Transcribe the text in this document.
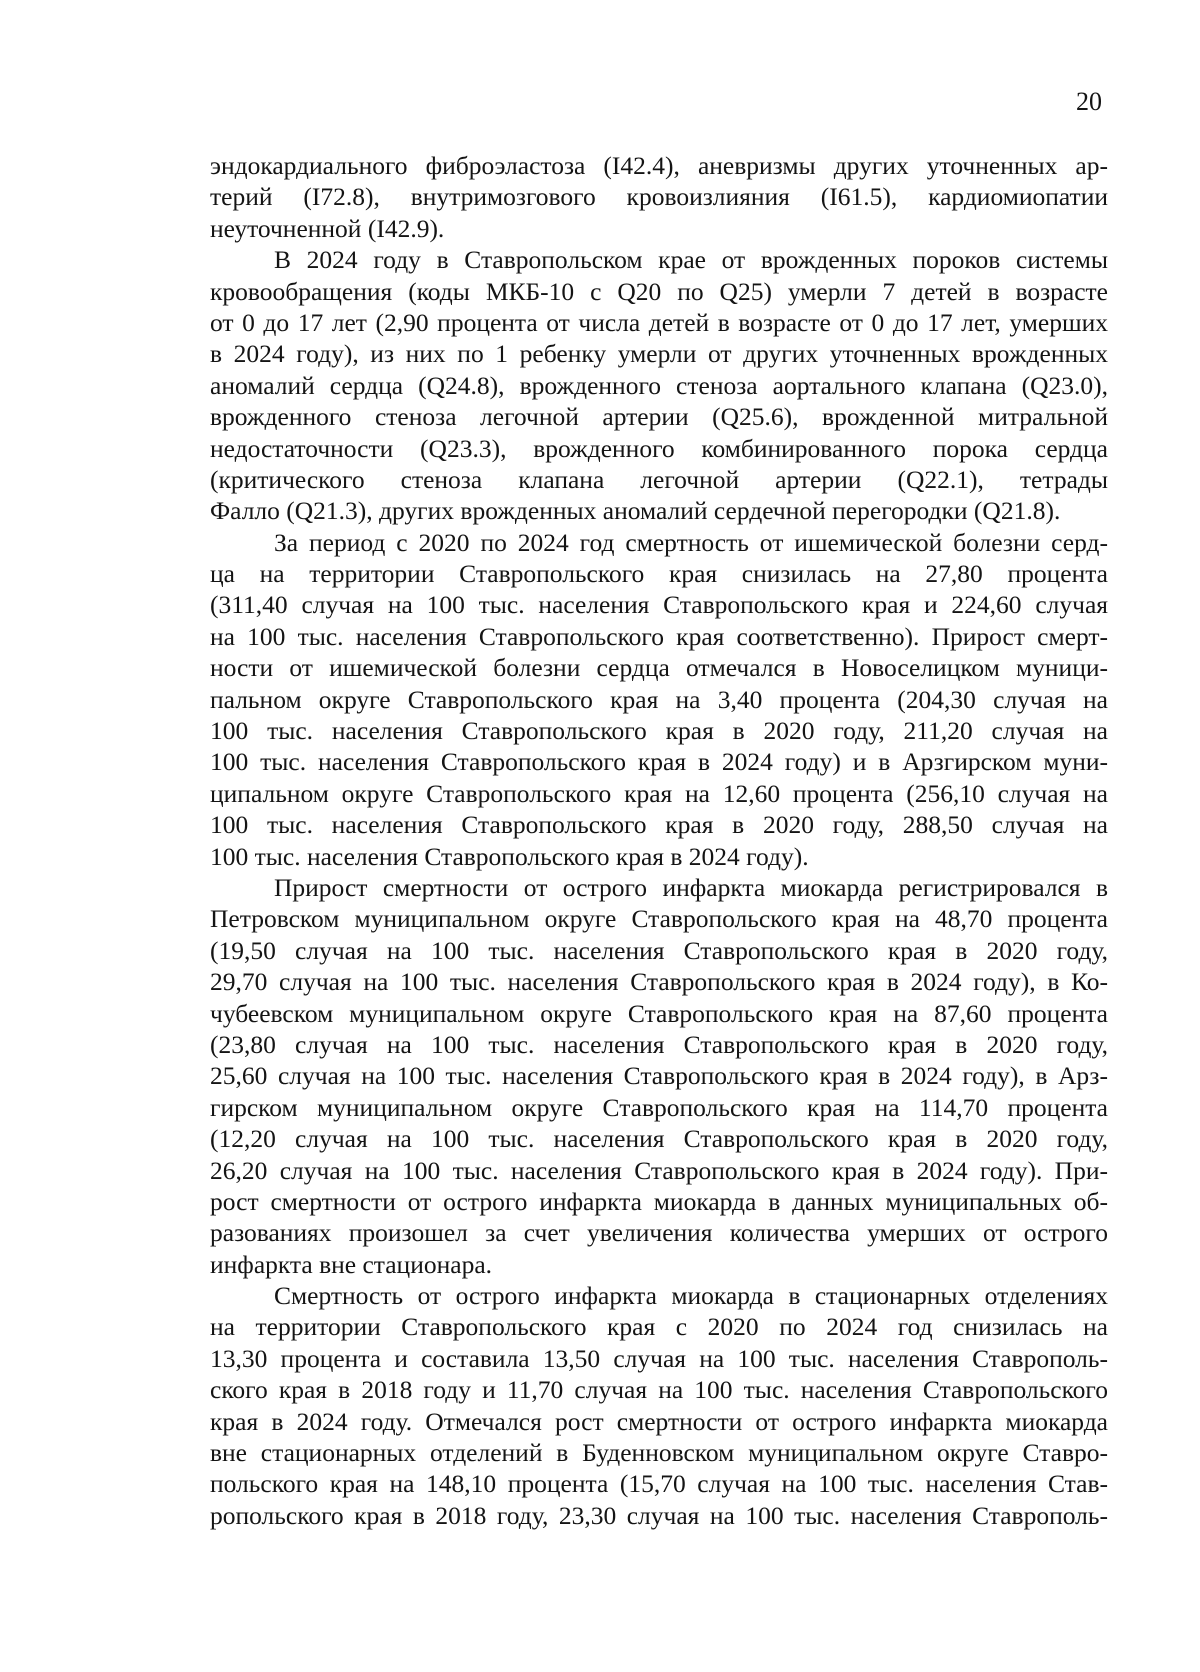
20
эндокардиального фиброэластоза (I42.4), аневризмы других уточненных ар-
терий (I72.8), внутримозгового кровоизлияния (I61.5), кардиомиопатии
неуточненной (I42.9).
В 2024 году в Ставропольском крае от врожденных пороков системы
кровообращения (коды МКБ-10 с Q20 по Q25) умерли 7 детей в возрасте
от 0 до 17 лет (2,90 процента от числа детей в возрасте от 0 до 17 лет, умерших
в 2024 году), из них по 1 ребенку умерли от других уточненных врожденных
аномалий сердца (Q24.8), врожденного стеноза аортального клапана (Q23.0),
врожденного стеноза легочной артерии (Q25.6), врожденной митральной
недостаточности (Q23.3), врожденного комбинированного порока сердца
(критического стеноза клапана легочной артерии (Q22.1), тетрады
Фалло (Q21.3), других врожденных аномалий сердечной перегородки (Q21.8).
За период с 2020 по 2024 год смертность от ишемической болезни серд-
ца на территории Ставропольского края снизилась на 27,80 процента
(311,40 случая на 100 тыс. населения Ставропольского края и 224,60 случая
на 100 тыс. населения Ставропольского края соответственно). Прирост смерт-
ности от ишемической болезни сердца отмечался в Новоселицком муници-
пальном округе Ставропольского края на 3,40 процента (204,30 случая на
100 тыс. населения Ставропольского края в 2020 году, 211,20 случая на
100 тыс. населения Ставропольского края в 2024 году) и в Арзгирском муни-
ципальном округе Ставропольского края на 12,60 процента (256,10 случая на
100 тыс. населения Ставропольского края в 2020 году, 288,50 случая на
100 тыс. населения Ставропольского края в 2024 году).
Прирост смертности от острого инфаркта миокарда регистрировался в
Петровском муниципальном округе Ставропольского края на 48,70 процента
(19,50 случая на 100 тыс. населения Ставропольского края в 2020 году,
29,70 случая на 100 тыс. населения Ставропольского края в 2024 году), в Ко-
чубеевском муниципальном округе Ставропольского края на 87,60 процента
(23,80 случая на 100 тыс. населения Ставропольского края в 2020 году,
25,60 случая на 100 тыс. населения Ставропольского края в 2024 году), в Арз-
гирском муниципальном округе Ставропольского края на 114,70 процента
(12,20 случая на 100 тыс. населения Ставропольского края в 2020 году,
26,20 случая на 100 тыс. населения Ставропольского края в 2024 году). При-
рост смертности от острого инфаркта миокарда в данных муниципальных об-
разованиях произошел за счет увеличения количества умерших от острого
инфаркта вне стационара.
Смертность от острого инфаркта миокарда в стационарных отделениях
на территории Ставропольского края с 2020 по 2024 год снизилась на
13,30 процента и составила 13,50 случая на 100 тыс. населения Ставрополь-
ского края в 2018 году и 11,70 случая на 100 тыс. населения Ставропольского
края в 2024 году. Отмечался рост смертности от острого инфаркта миокарда
вне стационарных отделений в Буденновском муниципальном округе Ставро-
польского края на 148,10 процента (15,70 случая на 100 тыс. населения Став-
ропольского края в 2018 году, 23,30 случая на 100 тыс. населения Ставрополь-
